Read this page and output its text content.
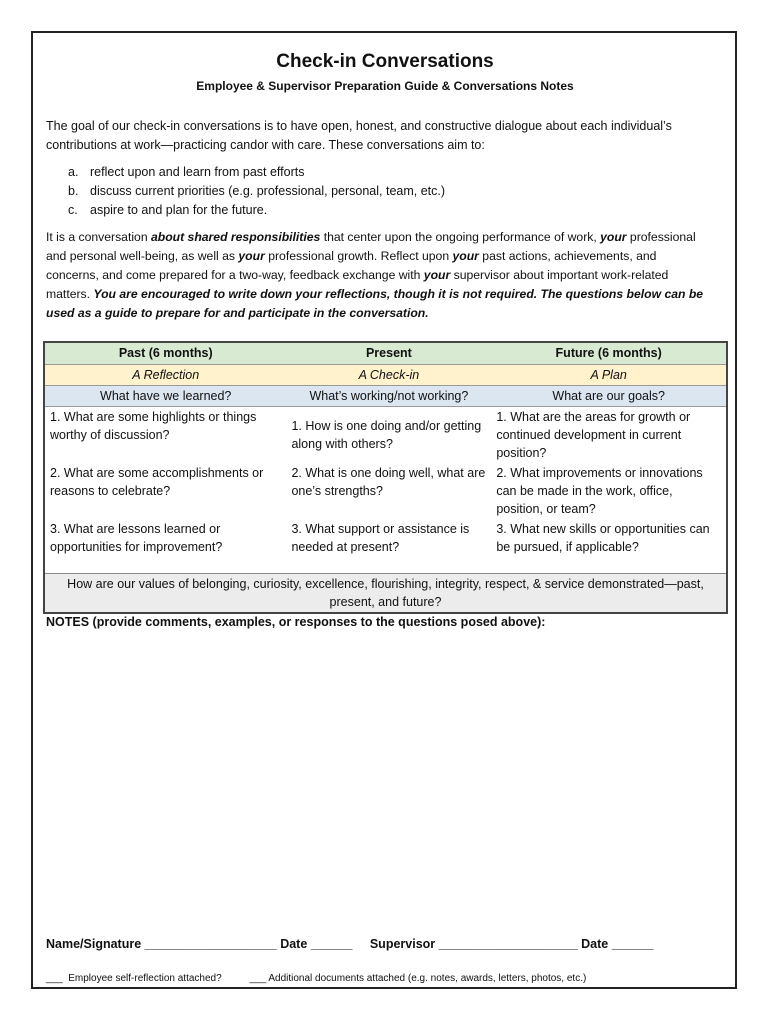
Check-in Conversations
Employee & Supervisor Preparation Guide & Conversations Notes
The goal of our check-in conversations is to have open, honest, and constructive dialogue about each individual’s contributions at work—practicing candor with care. These conversations aim to:
a. reflect upon and learn from past efforts
b. discuss current priorities (e.g. professional, personal, team, etc.)
c. aspire to and plan for the future.
It is a conversation about shared responsibilities that center upon the ongoing performance of work, your professional and personal well-being, as well as your professional growth. Reflect upon your past actions, achievements, and concerns, and come prepared for a two-way, feedback exchange with your supervisor about important work-related matters. You are encouraged to write down your reflections, though it is not required. The questions below can be used as a guide to prepare for and participate in the conversation.
Past (6 months)	Present	Future (6 months)
A Reflection	A Check-in	A Plan
What have we learned?	What’s working/not working?	What are our goals?
1. What are some highlights or things worthy of discussion?	1. How is one doing and/or getting along with others?	1. What are the areas for growth or continued development in current position?
2. What are some accomplishments or reasons to celebrate?	2. What is one doing well, what are one’s strengths?	2. What improvements or innovations can be made in the work, office, position, or team?
3. What are lessons learned or opportunities for improvement?	3. What support or assistance is needed at present?	3. What new skills or opportunities can be pursued, if applicable?
How are our values of belonging, curiosity, excellence, flourishing, integrity, respect, & service demonstrated—past, present, and future?		
NOTES (provide comments, examples, or responses to the questions posed above):
Name/Signature ___________________ Date ______     Supervisor ____________________ Date ______
___  Employee self-reflection attached?          ___ Additional documents attached (e.g. notes, awards, letters, photos, etc.)
